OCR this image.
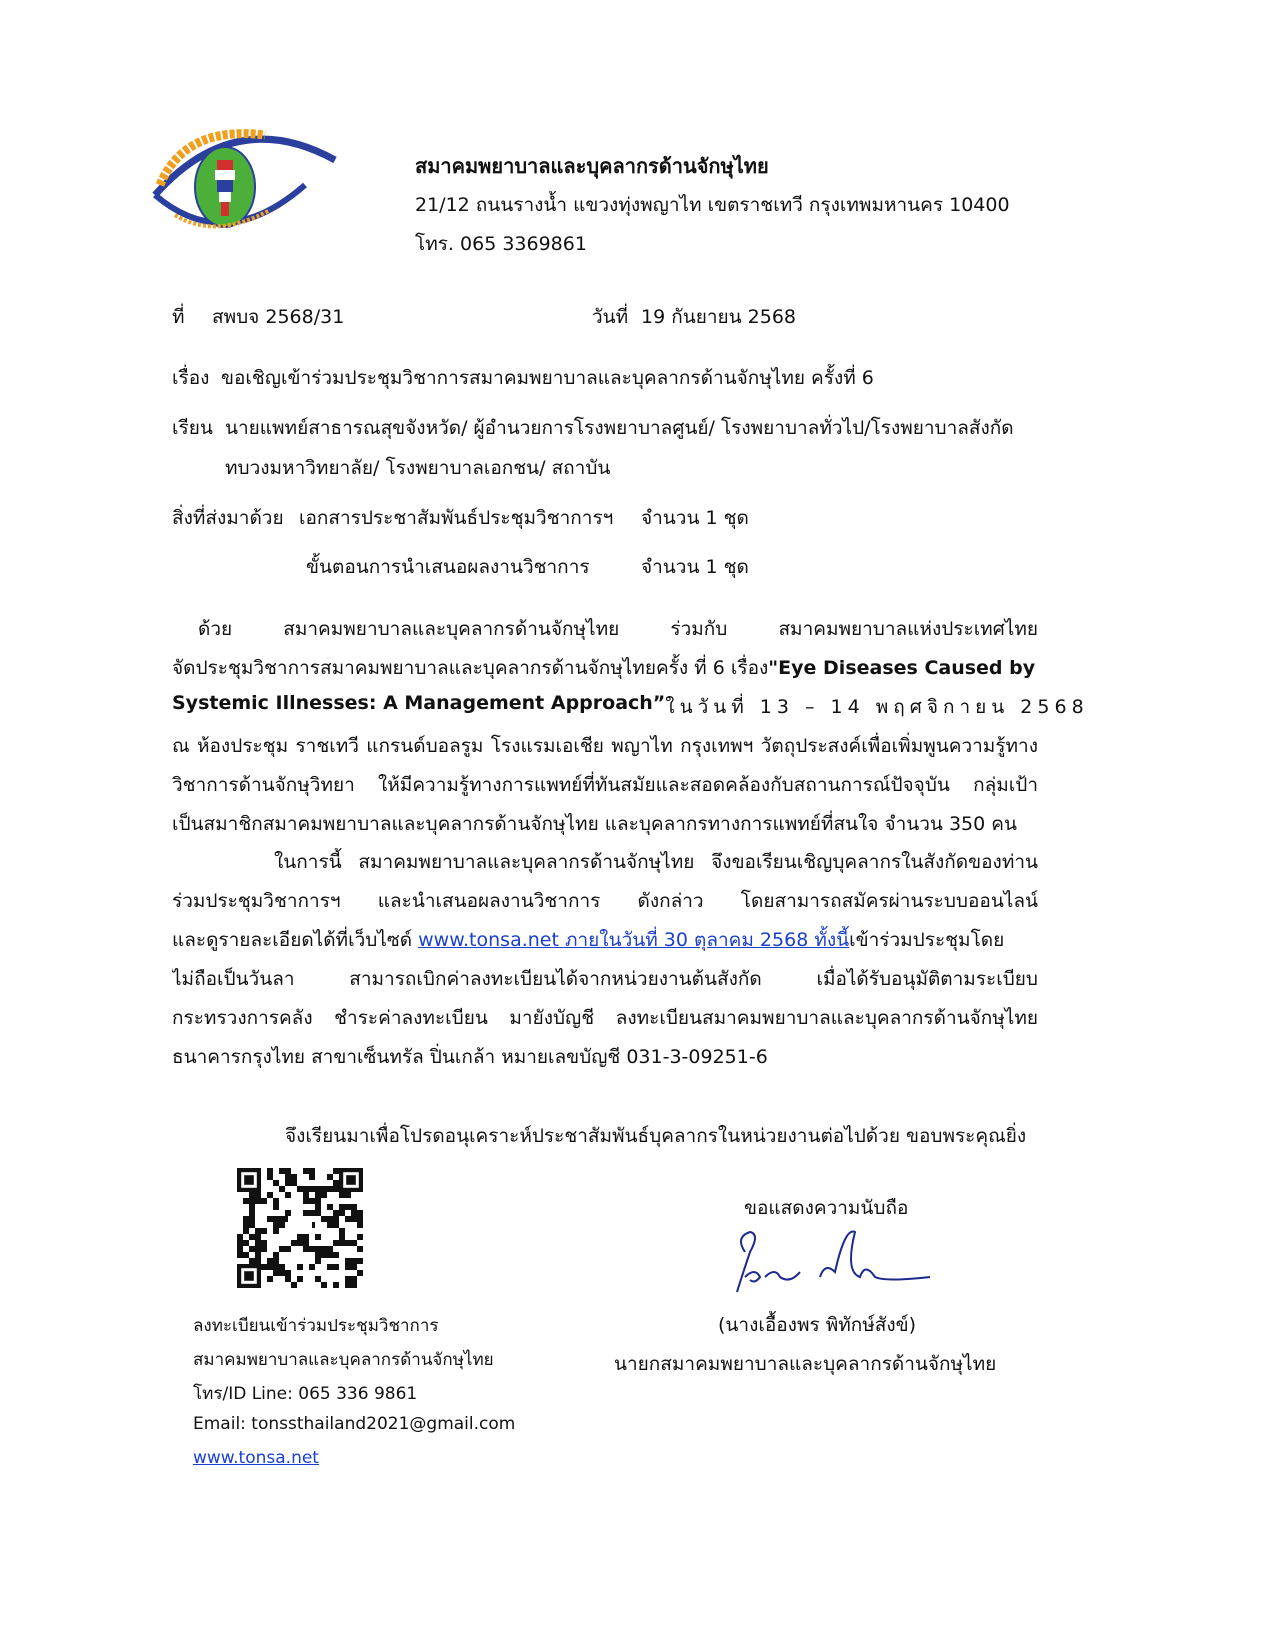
สมาคมพยาบาลและบุคลากรด้านจักษุไทย
21/12 ถนนรางน้ำ แขวงทุ่งพญาไท เขตราชเทวี กรุงเทพมหานคร 10400
โทร. 065 3369861
ที่ สพบจ 2568/31	วันที่ 19 กันยายน 2568
เรื่อง ขอเชิญเข้าร่วมประชุมวิชาการสมาคมพยาบาลและบุคลากรด้านจักษุไทย ครั้งที่ 6
เรียน นายแพทย์สาธารณสุขจังหวัด/ ผู้อำนวยการโรงพยาบาลศูนย์/ โรงพยาบาลทั่วไป/โรงพยาบาลสังกัด
ทบวงมหาวิทยาลัย/ โรงพยาบาลเอกชน/ สถาบัน
สิ่งที่ส่งมาด้วย เอกสารประชาสัมพันธ์ประชุมวิชาการฯ จำนวน 1 ชุด
ขั้นตอนการนำเสนอผลงานวิชาการ	จำนวน 1 ชุด
ด้วย สมาคมพยาบาลและบุคลากรด้านจักษุไทย ร่วมกับ สมาคมพยาบาลแห่งประเทศไทย
จัดประชุมวิชาการสมาคมพยาบาลและบุคลากรด้านจักษุไทยครั้ง ที่ 6 เรื่อง"Eye Diseases Caused by
Systemic Illnesses: A Management Approach” ในวันที่ 13 – 14 พฤศจิกายน 2568
ณ ห้องประชุม ราชเทวี แกรนด์บอลรูม โรงแรมเอเชีย พญาไท กรุงเทพฯ วัตถุประสงค์เพื่อเพิ่มพูนความรู้ทาง
วิชาการด้านจักษุวิทยา ให้มีความรู้ทางการแพทย์ที่ทันสมัยและสอดคล้องกับสถานการณ์ปัจจุบัน กลุ่มเป้า
เป็นสมาชิกสมาคมพยาบาลและบุคลากรด้านจักษุไทย และบุคลากรทางการแพทย์ที่สนใจ จำนวน 350 คน
ในการนี้ สมาคมพยาบาลและบุคลากรด้านจักษุไทย จึงขอเรียนเชิญบุคลากรในสังกัดของท่าน
ร่วมประชุมวิชาการฯ และนำเสนอผลงานวิชาการ ดังกล่าว โดยสามารถสมัครผ่านระบบออนไลน์
และดูรายละเอียดได้ที่เว็บไซด์ www.tonsa.net ภายในวันที่ 30 ตุลาคม 2568 ทั้งนี้เข้าร่วมประชุมโดย
ไม่ถือเป็นวันลา สามารถเบิกค่าลงทะเบียนได้จากหน่วยงานต้นสังกัด เมื่อได้รับอนุมัติตามระเบียบ
กระทรวงการคลัง ชำระค่าลงทะเบียน มายังบัญชี ลงทะเบียนสมาคมพยาบาลและบุคลากรด้านจักษุไทย
ธนาคารกรุงไทย สาขาเซ็นทรัล ปิ่นเกล้า หมายเลขบัญชี 031-3-09251-6
จึงเรียนมาเพื่อโปรดอนุเคราะห์ประชาสัมพันธ์บุคลากรในหน่วยงานต่อไปด้วย ขอบพระคุณยิ่ง
ขอแสดงความนับถือ
(นางเอื้องพร พิทักษ์สังข์)
นายกสมาคมพยาบาลและบุคลากรด้านจักษุไทย
ลงทะเบียนเข้าร่วมประชุมวิชาการ
สมาคมพยาบาลและบุคลากรด้านจักษุไทย
โทร/ID Line: 065 336 9861
Email: tonssthailand2021@gmail.com
www.tonsa.net
